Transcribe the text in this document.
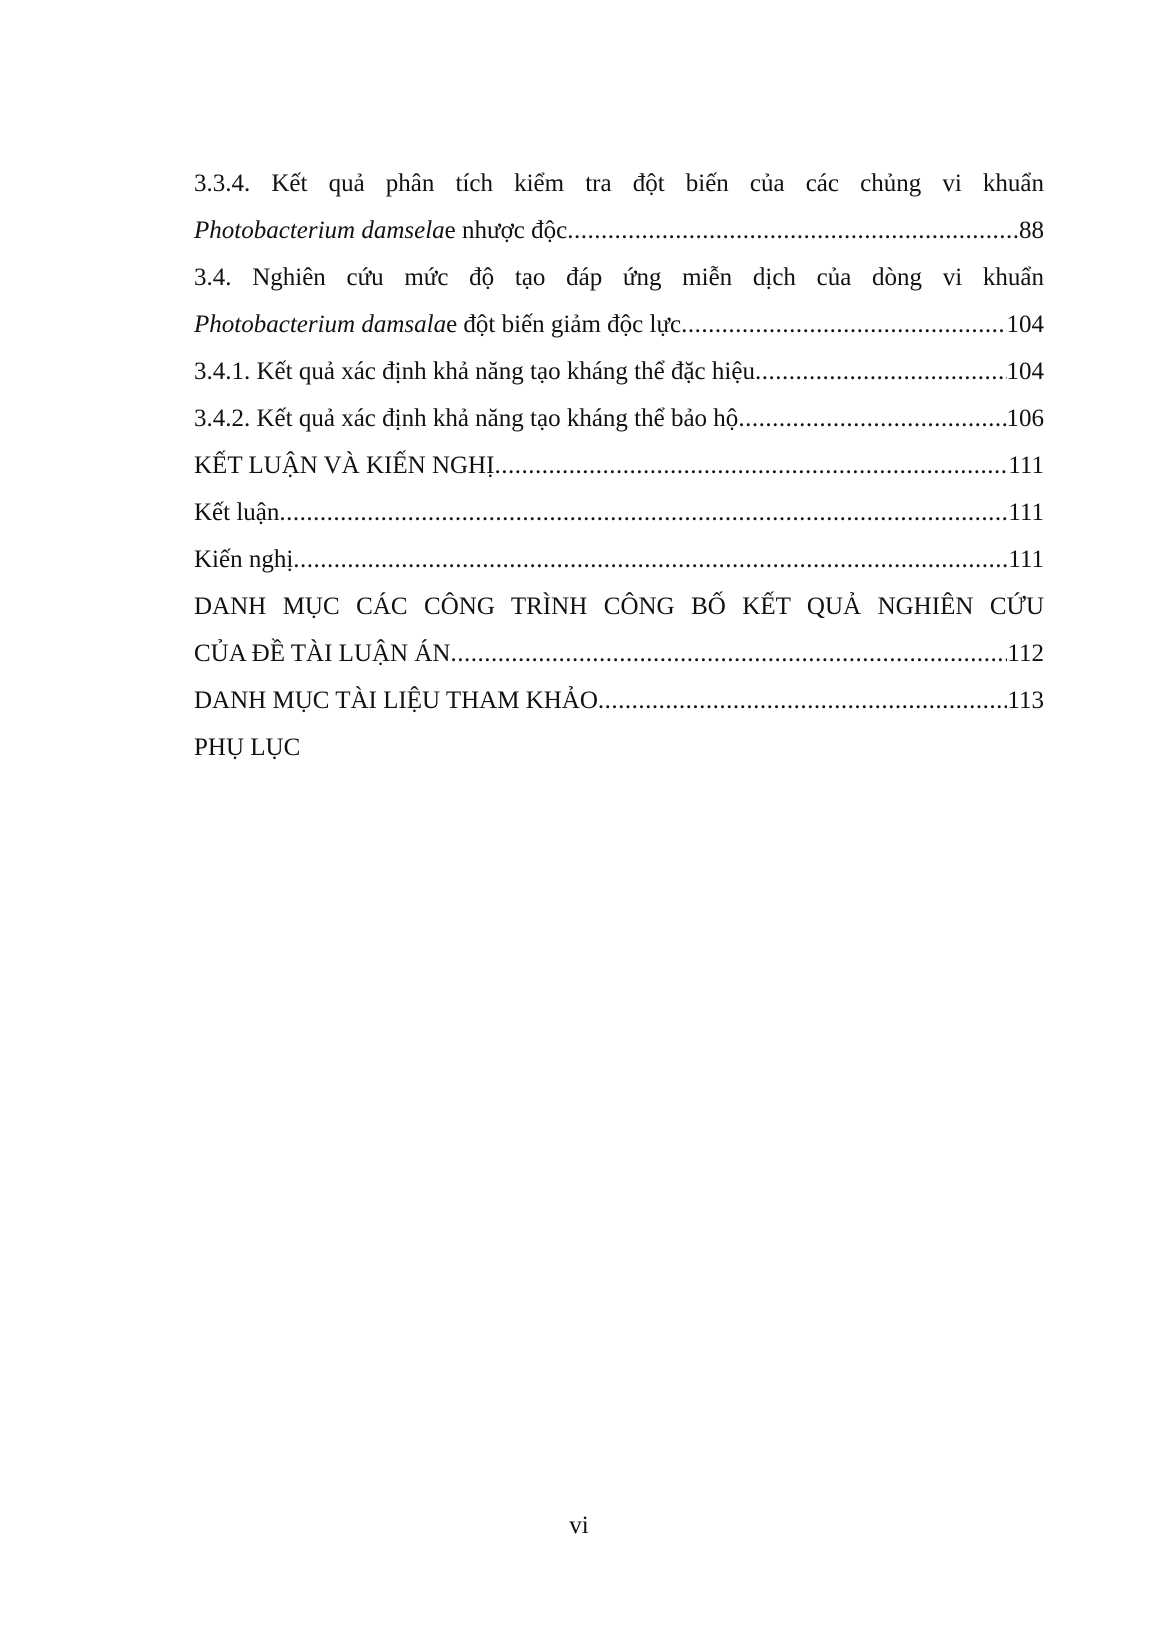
3.3.4. Kết quả phân tích kiểm tra đột biến của các chủng vi khuẩn
Photobacterium damselae nhược độc .....	88
3.4. Nghiên cứu mức độ tạo đáp ứng miễn dịch của dòng vi khuẩn
Photobacterium damsalae đột biến giảm độc lực .....	104
3.4.1. Kết quả xác định khả năng tạo kháng thể đặc hiệu .....	104
3.4.2. Kết quả xác định khả năng tạo kháng thể bảo hộ .....	106
KẾT LUẬN VÀ KIẾN NGHỊ .....	111
Kết luận .....	111
Kiến nghị .....	111
DANH MỤC CÁC CÔNG TRÌNH CÔNG BỐ KẾT QUẢ NGHIÊN CỨU
CỦA ĐỀ TÀI LUẬN ÁN .....	112
DANH MỤC TÀI LIỆU THAM KHẢO .....	113
PHỤ LỤC
vi
